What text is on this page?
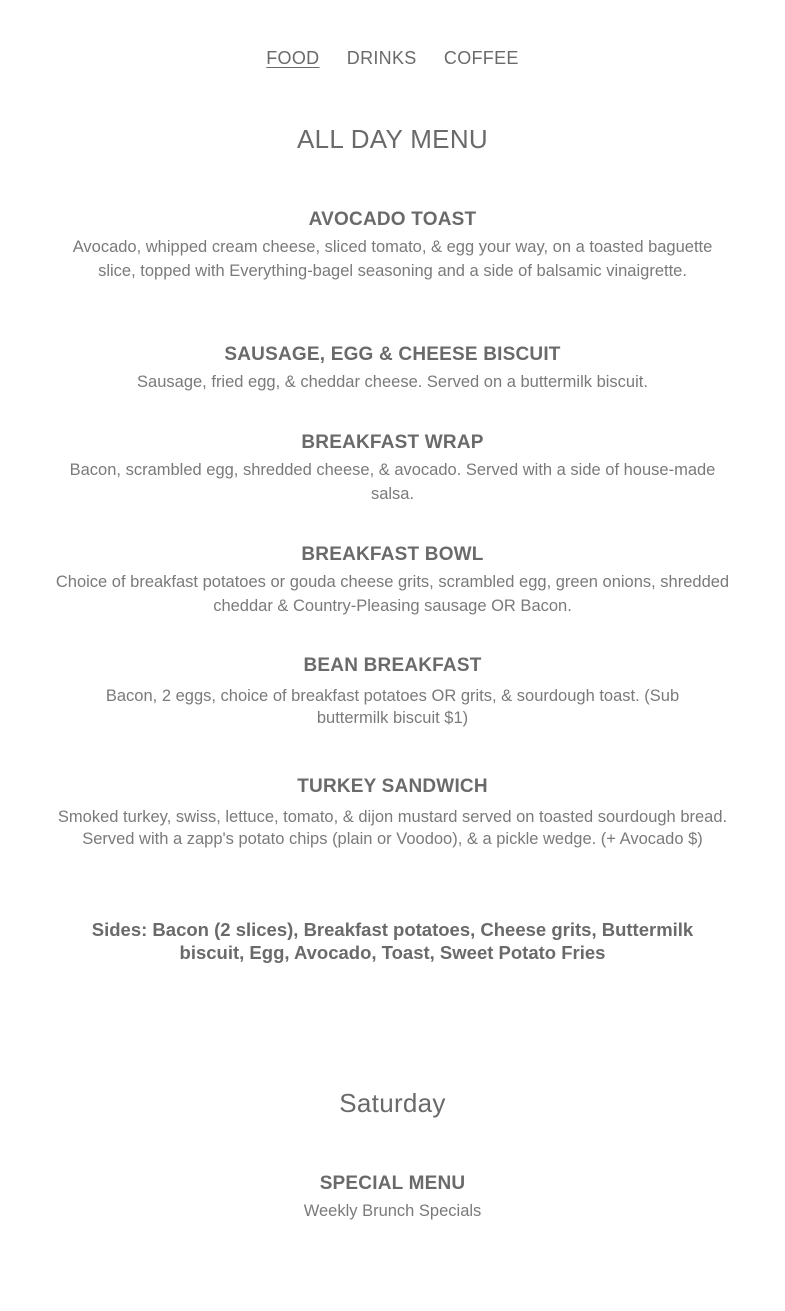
FOOD DRINKS COFFEE
ALL DAY MENU

AVOCADO TOAST

Avocado, whipped cream cheese, sliced tomato, & egg your way, on a toasted baguette slice, topped with Everything-bagel seasoning and a side of balsamic vinaigrette.

SAUSAGE, EGG & CHEESE BISCUIT

Sausage, fried egg, & cheddar cheese. Served on a buttermilk biscuit.

BREAKFAST WRAP

Bacon, scrambled egg, shredded cheese, & avocado. Served with a side of house-made salsa.

BREAKFAST BOWL

Choice of breakfast potatoes or gouda cheese grits, scrambled egg, green onions, shredded cheddar & Country-Pleasing sausage OR Bacon.

BEAN BREAKFAST

Bacon, 2 eggs, choice of breakfast potatoes OR grits, & sourdough toast. (Sub buttermilk biscuit $1)

TURKEY SANDWICH

Smoked turkey, swiss, lettuce, tomato, & dijon mustard served on toasted sourdough bread. Served with a zapp's potato chips (plain or Voodoo), & a pickle wedge. (+ Avocado $)

Sides: Bacon (2 slices), Breakfast potatoes, Cheese grits, Buttermilk biscuit, Egg, Avocado, Toast, Sweet Potato Fries
Saturday

SPECIAL MENU

Weekly Brunch Specials
